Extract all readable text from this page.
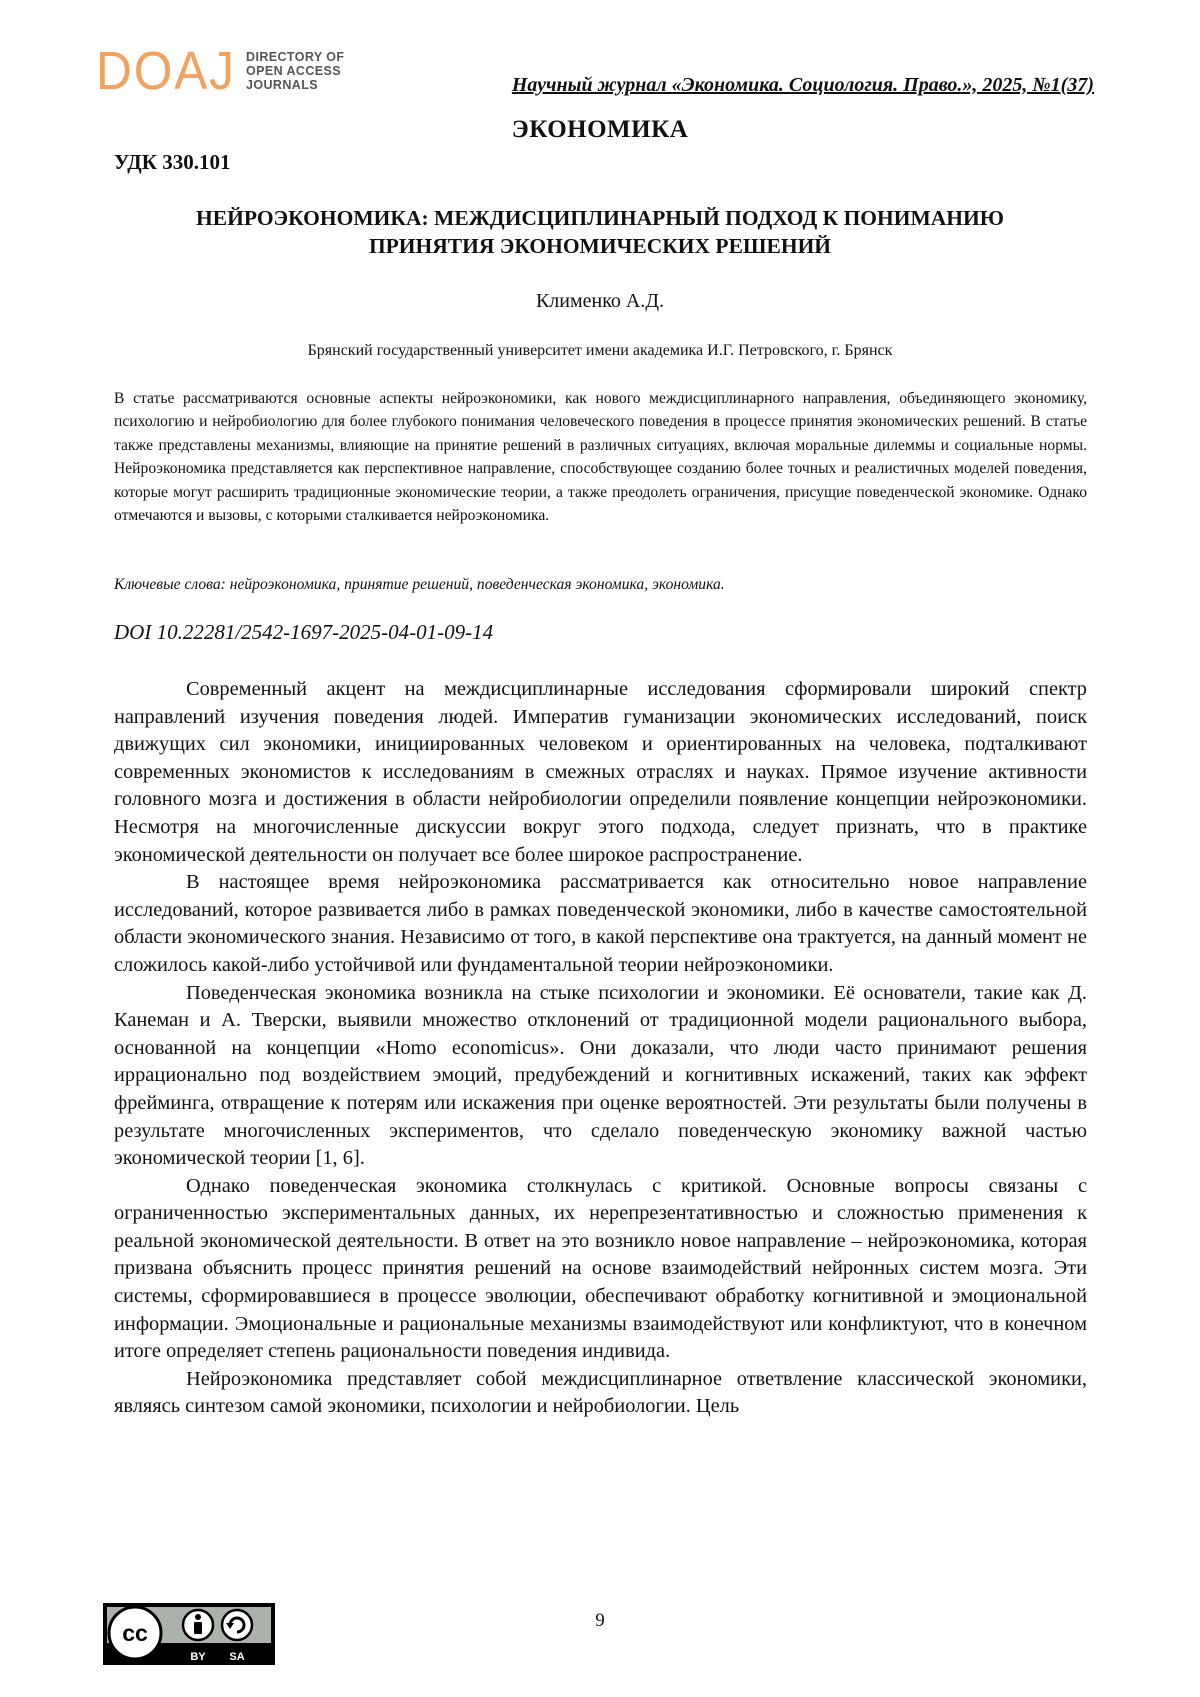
DOAJ DIRECTORY OF
OPEN ACCESS
JOURNALS	Научный журнал «Экономика. Социология. Право.», 2025, №1(37)
ЭКОНОМИКА
УДК 330.101
НЕЙРОЭКОНОМИКА: МЕЖДИСЦИПЛИНАРНЫЙ ПОДХОД К ПОНИМАНИЮ
ПРИНЯТИЯ ЭКОНОМИЧЕСКИХ РЕШЕНИЙ
Клименко А.Д.
Брянский государственный университет имени академика И.Г. Петровского, г. Брянск

В статье рассматриваются основные аспекты нейроэкономики, как нового междисциплинарного направления, объединяющего экономику, психологию и нейробиологию для более глубокого понимания человеческого поведения в процессе принятия экономических решений. В статье также представлены механизмы, влияющие на принятие решений в различных ситуациях, включая моральные дилеммы и социальные нормы. Нейроэкономика представляется как перспективное направление, способствующее созданию более точных и реалистичных моделей поведения, которые могут расширить традиционные экономические теории, а также преодолеть ограничения, присущие поведенческой экономике. Однако отмечаются и вызовы, с которыми сталкивается нейроэкономика.

Ключевые слова: нейроэкономика, принятие решений, поведенческая экономика, экономика.
DOI 10.22281/2542-1697-2025-04-01-09-14

Современный акцент на междисциплинарные исследования сформировали широкий спектр направлений изучения поведения людей. Императив гуманизации экономических исследований, поиск движущих сил экономики, инициированных человеком и ориентированных на человека, подталкивают современных экономистов к исследованиям в смежных отраслях и науках. Прямое изучение активности головного мозга и достижения в области нейробиологии определили появление концепции нейроэкономики. Несмотря на многочисленные дискуссии вокруг этого подхода, следует признать, что в практике экономической деятельности он получает все более широкое распространение.

В настоящее время нейроэкономика рассматривается как относительно новое направление исследований, которое развивается либо в рамках поведенческой экономики, либо в качестве самостоятельной области экономического знания. Независимо от того, в какой перспективе она трактуется, на данный момент не сложилось какой-либо устойчивой или фундаментальной теории нейроэкономики.

Поведенческая экономика возникла на стыке психологии и экономики. Её основатели, такие как Д. Канеман и А. Тверски, выявили множество отклонений от традиционной модели рационального выбора, основанной на концепции «Homo economicus». Они доказали, что люди часто принимают решения иррационально под воздействием эмоций, предубеждений и когнитивных искажений, таких как эффект фрейминга, отвращение к потерям или искажения при оценке вероятностей. Эти результаты были получены в результате многочисленных экспериментов, что сделало поведенческую экономику важной частью экономической теории [1, 6].

Однако поведенческая экономика столкнулась с критикой. Основные вопросы связаны с ограниченностью экспериментальных данных, их нерепрезентативностью и сложностью применения к реальной экономической деятельности. В ответ на это возникло новое направление – нейроэкономика, которая призвана объяснить процесс принятия решений на основе взаимодействий нейронных систем мозга. Эти системы, сформировавшиеся в процессе эволюции, обеспечивают обработку когнитивной и эмоциональной информации. Эмоциональные и рациональные механизмы взаимодействуют или конфликтуют, что в конечном итоге определяет степень рациональности поведения индивида.

Нейроэкономика представляет собой междисциплинарное ответвление классической экономики, являясь синтезом самой экономики, психологии и нейробиологии. Цель

cc
BY SA
9
